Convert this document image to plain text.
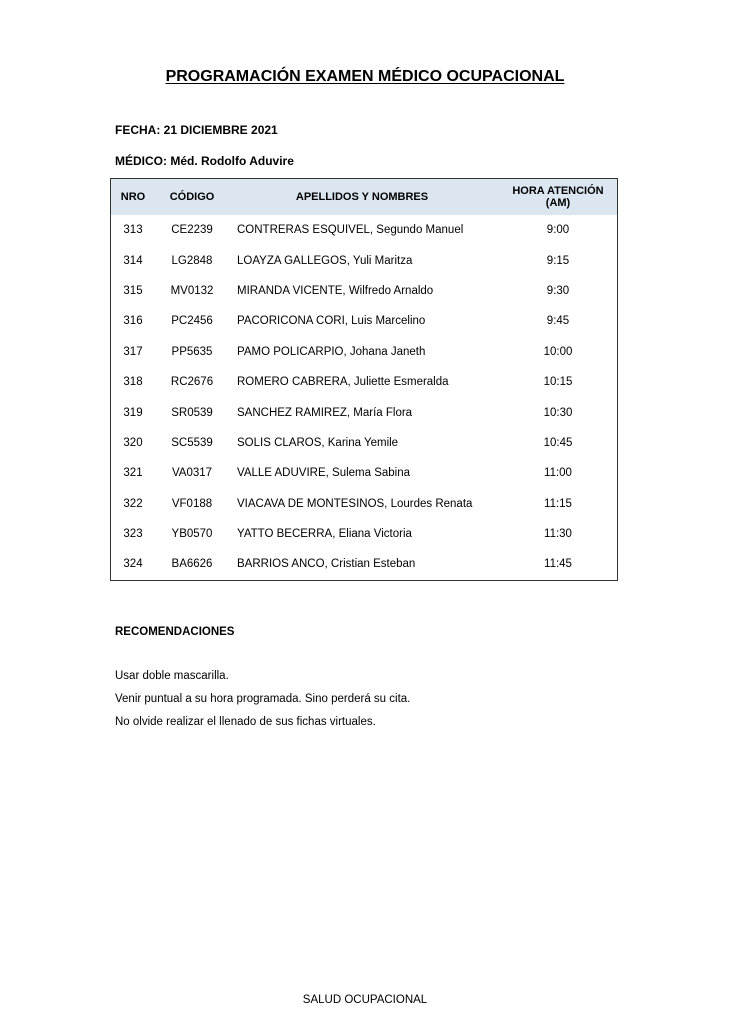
PROGRAMACIÓN EXAMEN MÉDICO OCUPACIONAL
FECHA: 21 DICIEMBRE 2021
MÉDICO: Méd. Rodolfo Aduvire
NRO	CÓDIGO	APELLIDOS Y NOMBRES	HORA ATENCIÓN
(AM)

313	CE2239	CONTRERAS ESQUIVEL, Segundo Manuel	9:00
314	LG2848	LOAYZA GALLEGOS, Yuli Maritza	9:15
315	MV0132	MIRANDA VICENTE, Wilfredo Arnaldo	9:30
316	PC2456	PACORICONA CORI, Luis Marcelino	9:45
317	PP5635	PAMO POLICARPIO, Johana Janeth	10:00
318	RC2676	ROMERO CABRERA, Juliette Esmeralda	10:15
319	SR0539	SANCHEZ RAMIREZ, María Flora	10:30
320	SC5539	SOLIS CLAROS, Karina Yemile	10:45
321	VA0317	VALLE ADUVIRE, Sulema Sabina	11:00
322	VF0188	VIACAVA DE MONTESINOS, Lourdes Renata	11:15
323	YB0570	YATTO BECERRA, Eliana Victoria	11:30
324	BA6626	BARRIOS ANCO, Cristian Esteban	11:45
RECOMENDACIONES
Usar doble mascarilla.
Venir puntual a su hora programada. Sino perderá su cita.
No olvide realizar el llenado de sus fichas virtuales.
SALUD OCUPACIONAL
